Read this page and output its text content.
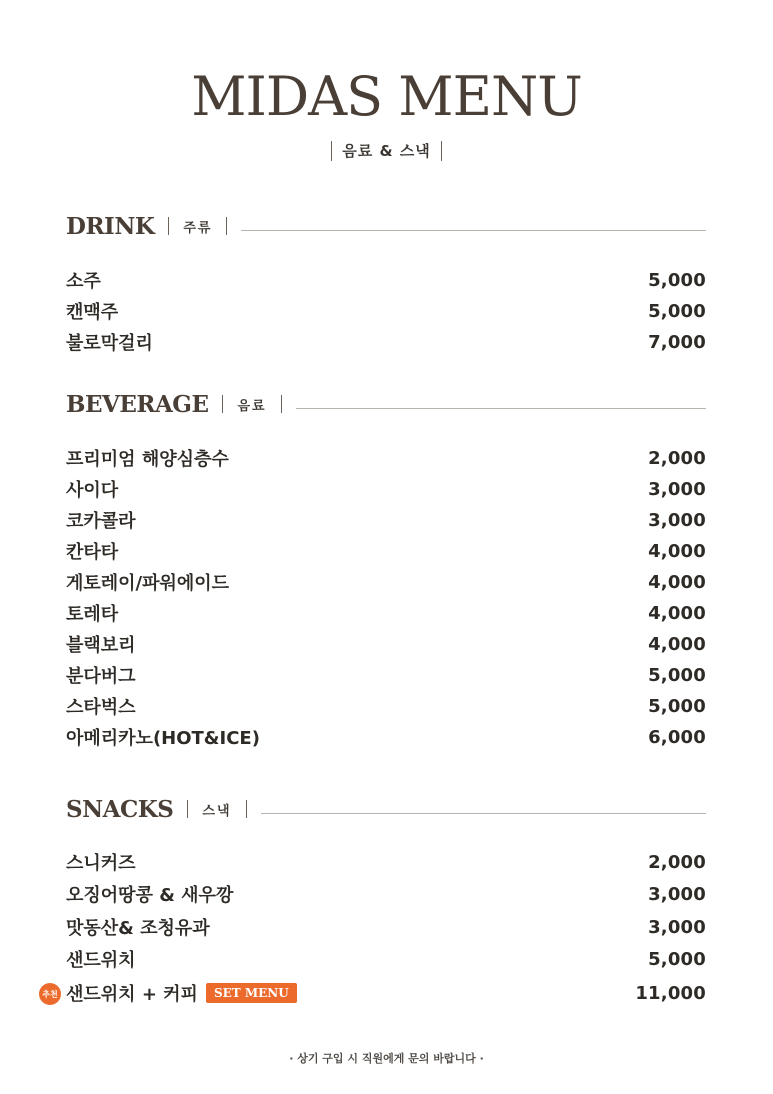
MIDAS MENU
음료 & 스낵
DRINK 주류
소주	5,000
캔맥주	5,000
불로막걸리	7,000
BEVERAGE 음료
프리미엄 해양심층수	2,000
사이다	3,000
코카콜라	3,000
칸타타	4,000
게토레이/파워에이드	4,000
토레타	4,000
블랙보리	4,000
분다버그	5,000
스타벅스	5,000
아메리카노(HOT&ICE)	6,000
SNACKS 스낵
스니커즈	2,000
오징어땅콩 & 새우깡	3,000
맛동산& 조청유과	3,000
샌드위치	5,000
추천 샌드위치 + 커피	SET MENU	11,000
· 상기 구입 시 직원에게 문의 바랍니다 ·
